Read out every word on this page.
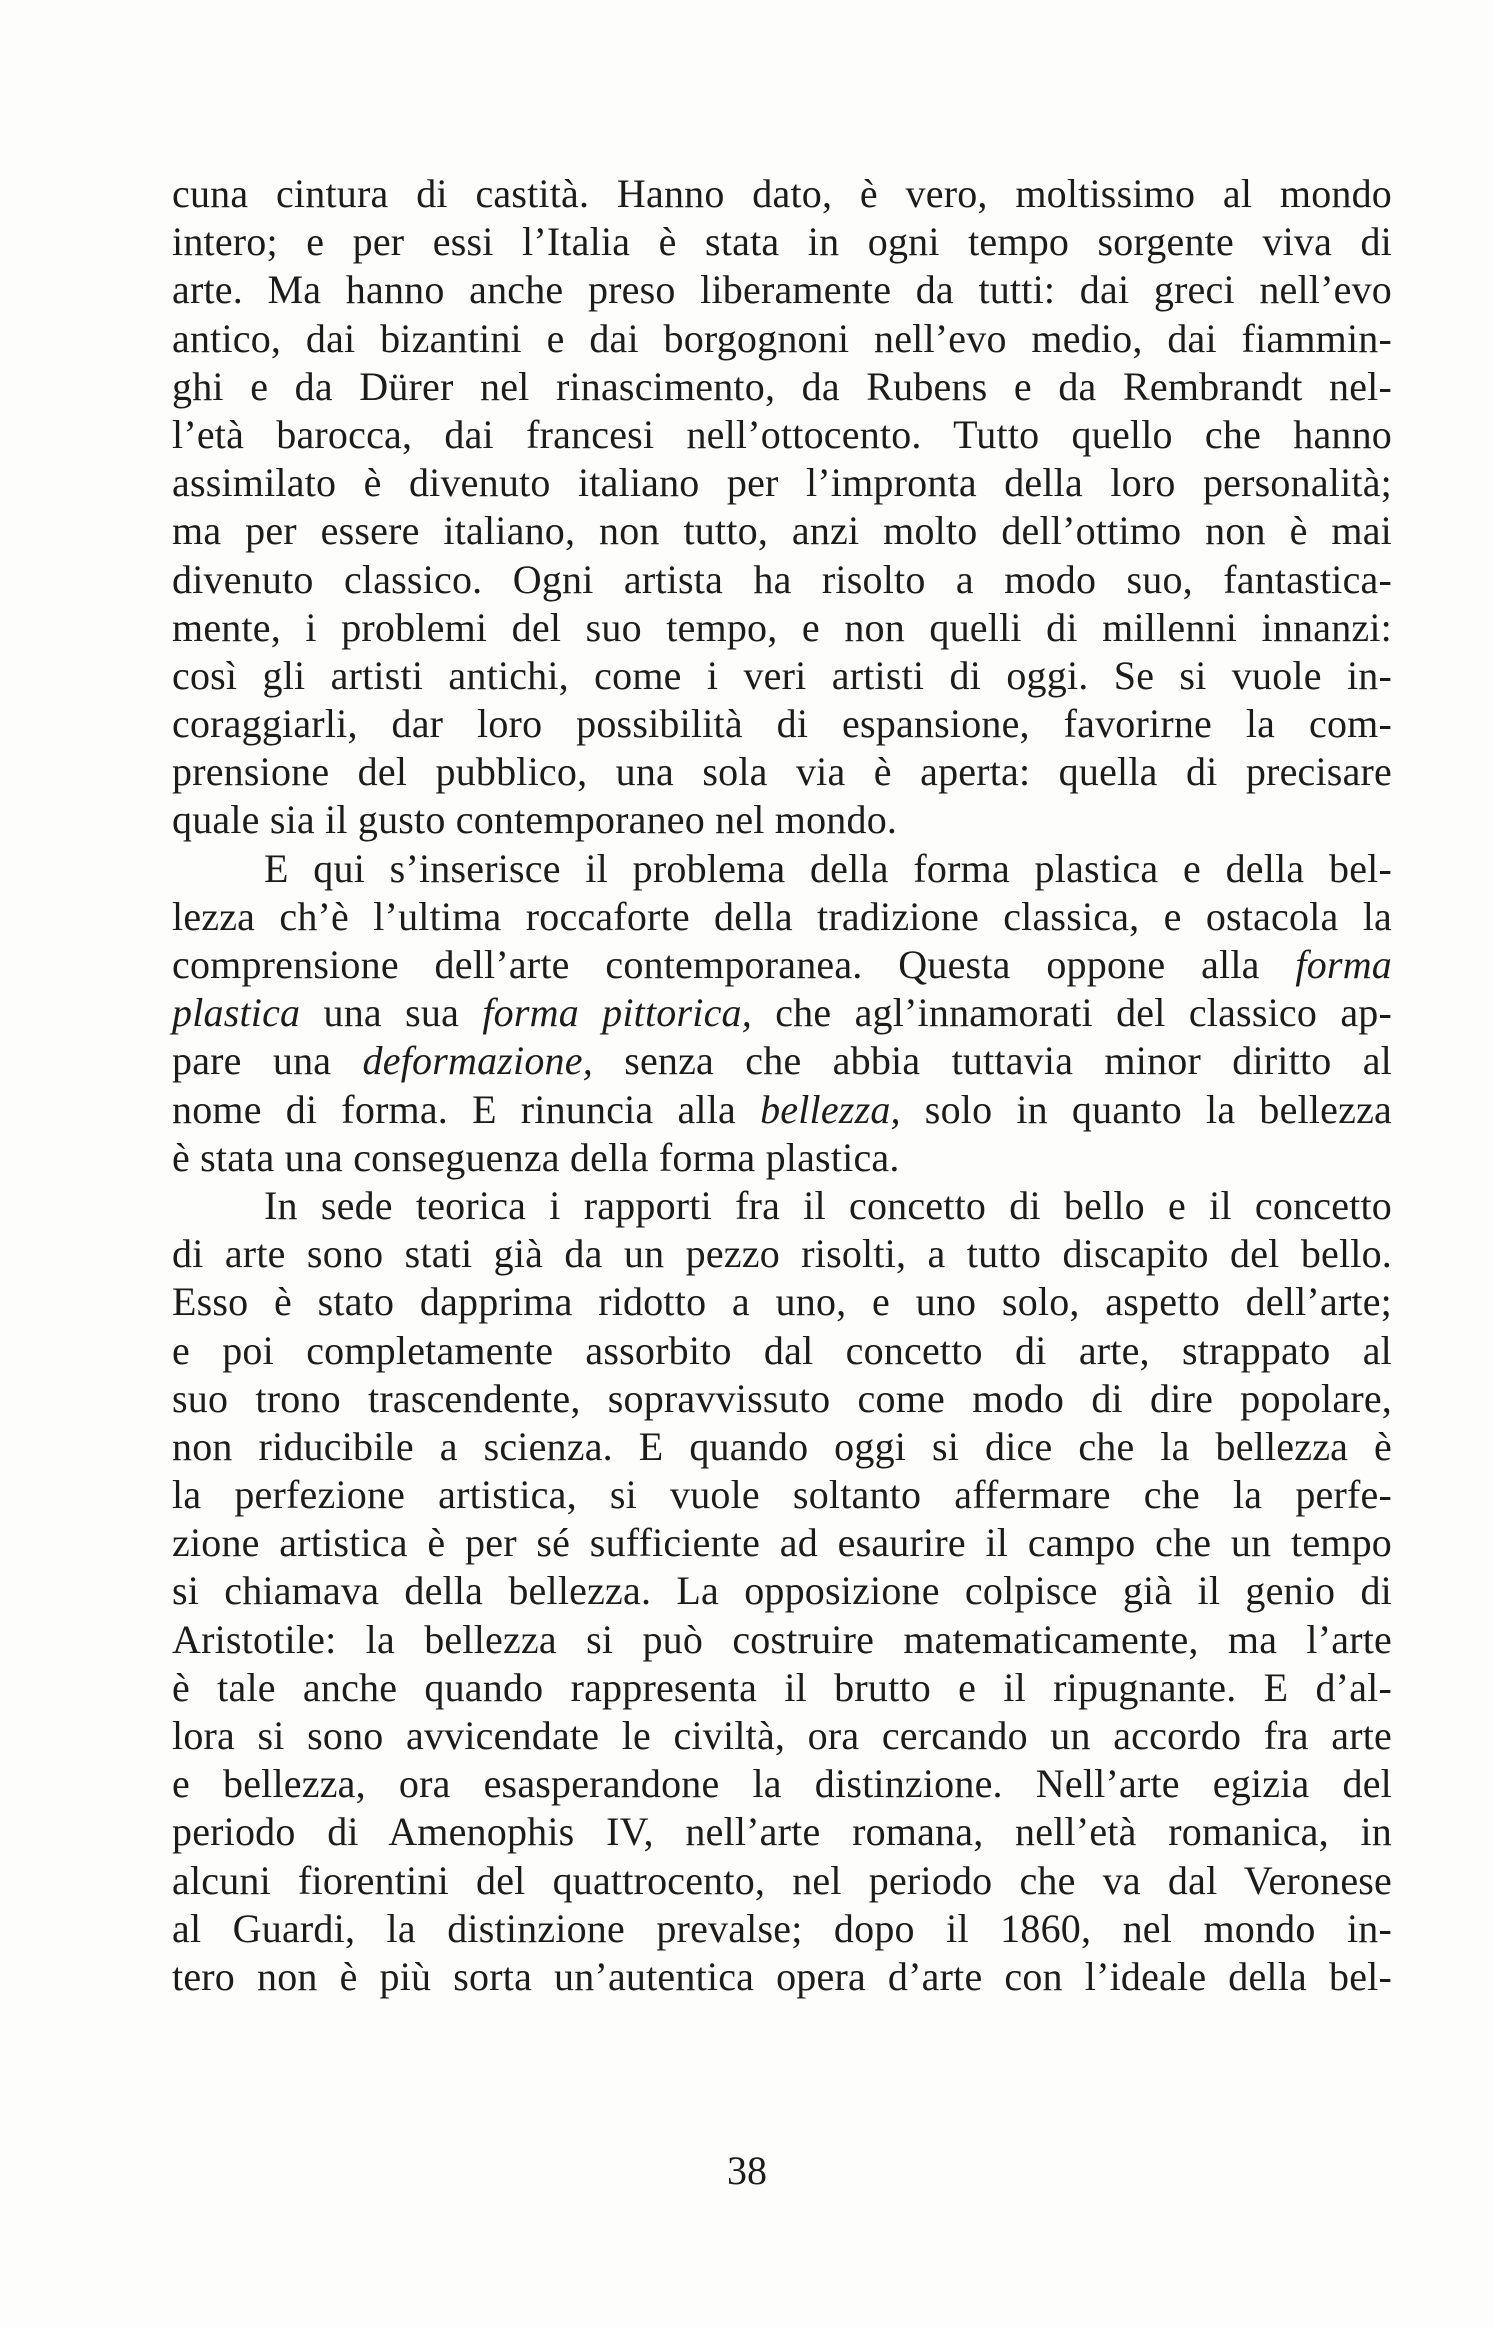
cuna cintura di castità. Hanno dato, è vero, moltissimo al mondo
intero; e per essi l’Italia è stata in ogni tempo sorgente viva di
arte. Ma hanno anche preso liberamente da tutti: dai greci nell’evo
antico, dai bizantini e dai borgognoni nell’evo medio, dai fiammin-
ghi e da Dürer nel rinascimento, da Rubens e da Rembrandt nel-
l’età barocca, dai francesi nell’ottocento. Tutto quello che hanno
assimilato è divenuto italiano per l’impronta della loro personalità;
ma per essere italiano, non tutto, anzi molto dell’ottimo non è mai
divenuto classico. Ogni artista ha risolto a modo suo, fantastica-
mente, i problemi del suo tempo, e non quelli di millenni innanzi:
così gli artisti antichi, come i veri artisti di oggi. Se si vuole in-
coraggiarli, dar loro possibilità di espansione, favorirne la com-
prensione del pubblico, una sola via è aperta: quella di precisare
quale sia il gusto contemporaneo nel mondo.
E qui s’inserisce il problema della forma plastica e della bel-
lezza ch’è l’ultima roccaforte della tradizione classica, e ostacola la
comprensione dell’arte contemporanea. Questa oppone alla forma
plastica una sua forma pittorica, che agl’innamorati del classico ap-
pare una deformazione, senza che abbia tuttavia minor diritto al
nome di forma. E rinuncia alla bellezza, solo in quanto la bellezza
è stata una conseguenza della forma plastica.
In sede teorica i rapporti fra il concetto di bello e il concetto
di arte sono stati già da un pezzo risolti, a tutto discapito del bello.
Esso è stato dapprima ridotto a uno, e uno solo, aspetto dell’arte;
e poi completamente assorbito dal concetto di arte, strappato al
suo trono trascendente, sopravvissuto come modo di dire popolare,
non riducibile a scienza. E quando oggi si dice che la bellezza è
la perfezione artistica, si vuole soltanto affermare che la perfe-
zione artistica è per sé sufficiente ad esaurire il campo che un tempo
si chiamava della bellezza. La opposizione colpisce già il genio di
Aristotile: la bellezza si può costruire matematicamente, ma l’arte
è tale anche quando rappresenta il brutto e il ripugnante. E d’al-
lora si sono avvicendate le civiltà, ora cercando un accordo fra arte
e bellezza, ora esasperandone la distinzione. Nell’arte egizia del
periodo di Amenophis IV, nell’arte romana, nell’età romanica, in
alcuni fiorentini del quattrocento, nel periodo che va dal Veronese
al Guardi, la distinzione prevalse; dopo il 1860, nel mondo in-
tero non è più sorta un’autentica opera d’arte con l’ideale della bel-
38
